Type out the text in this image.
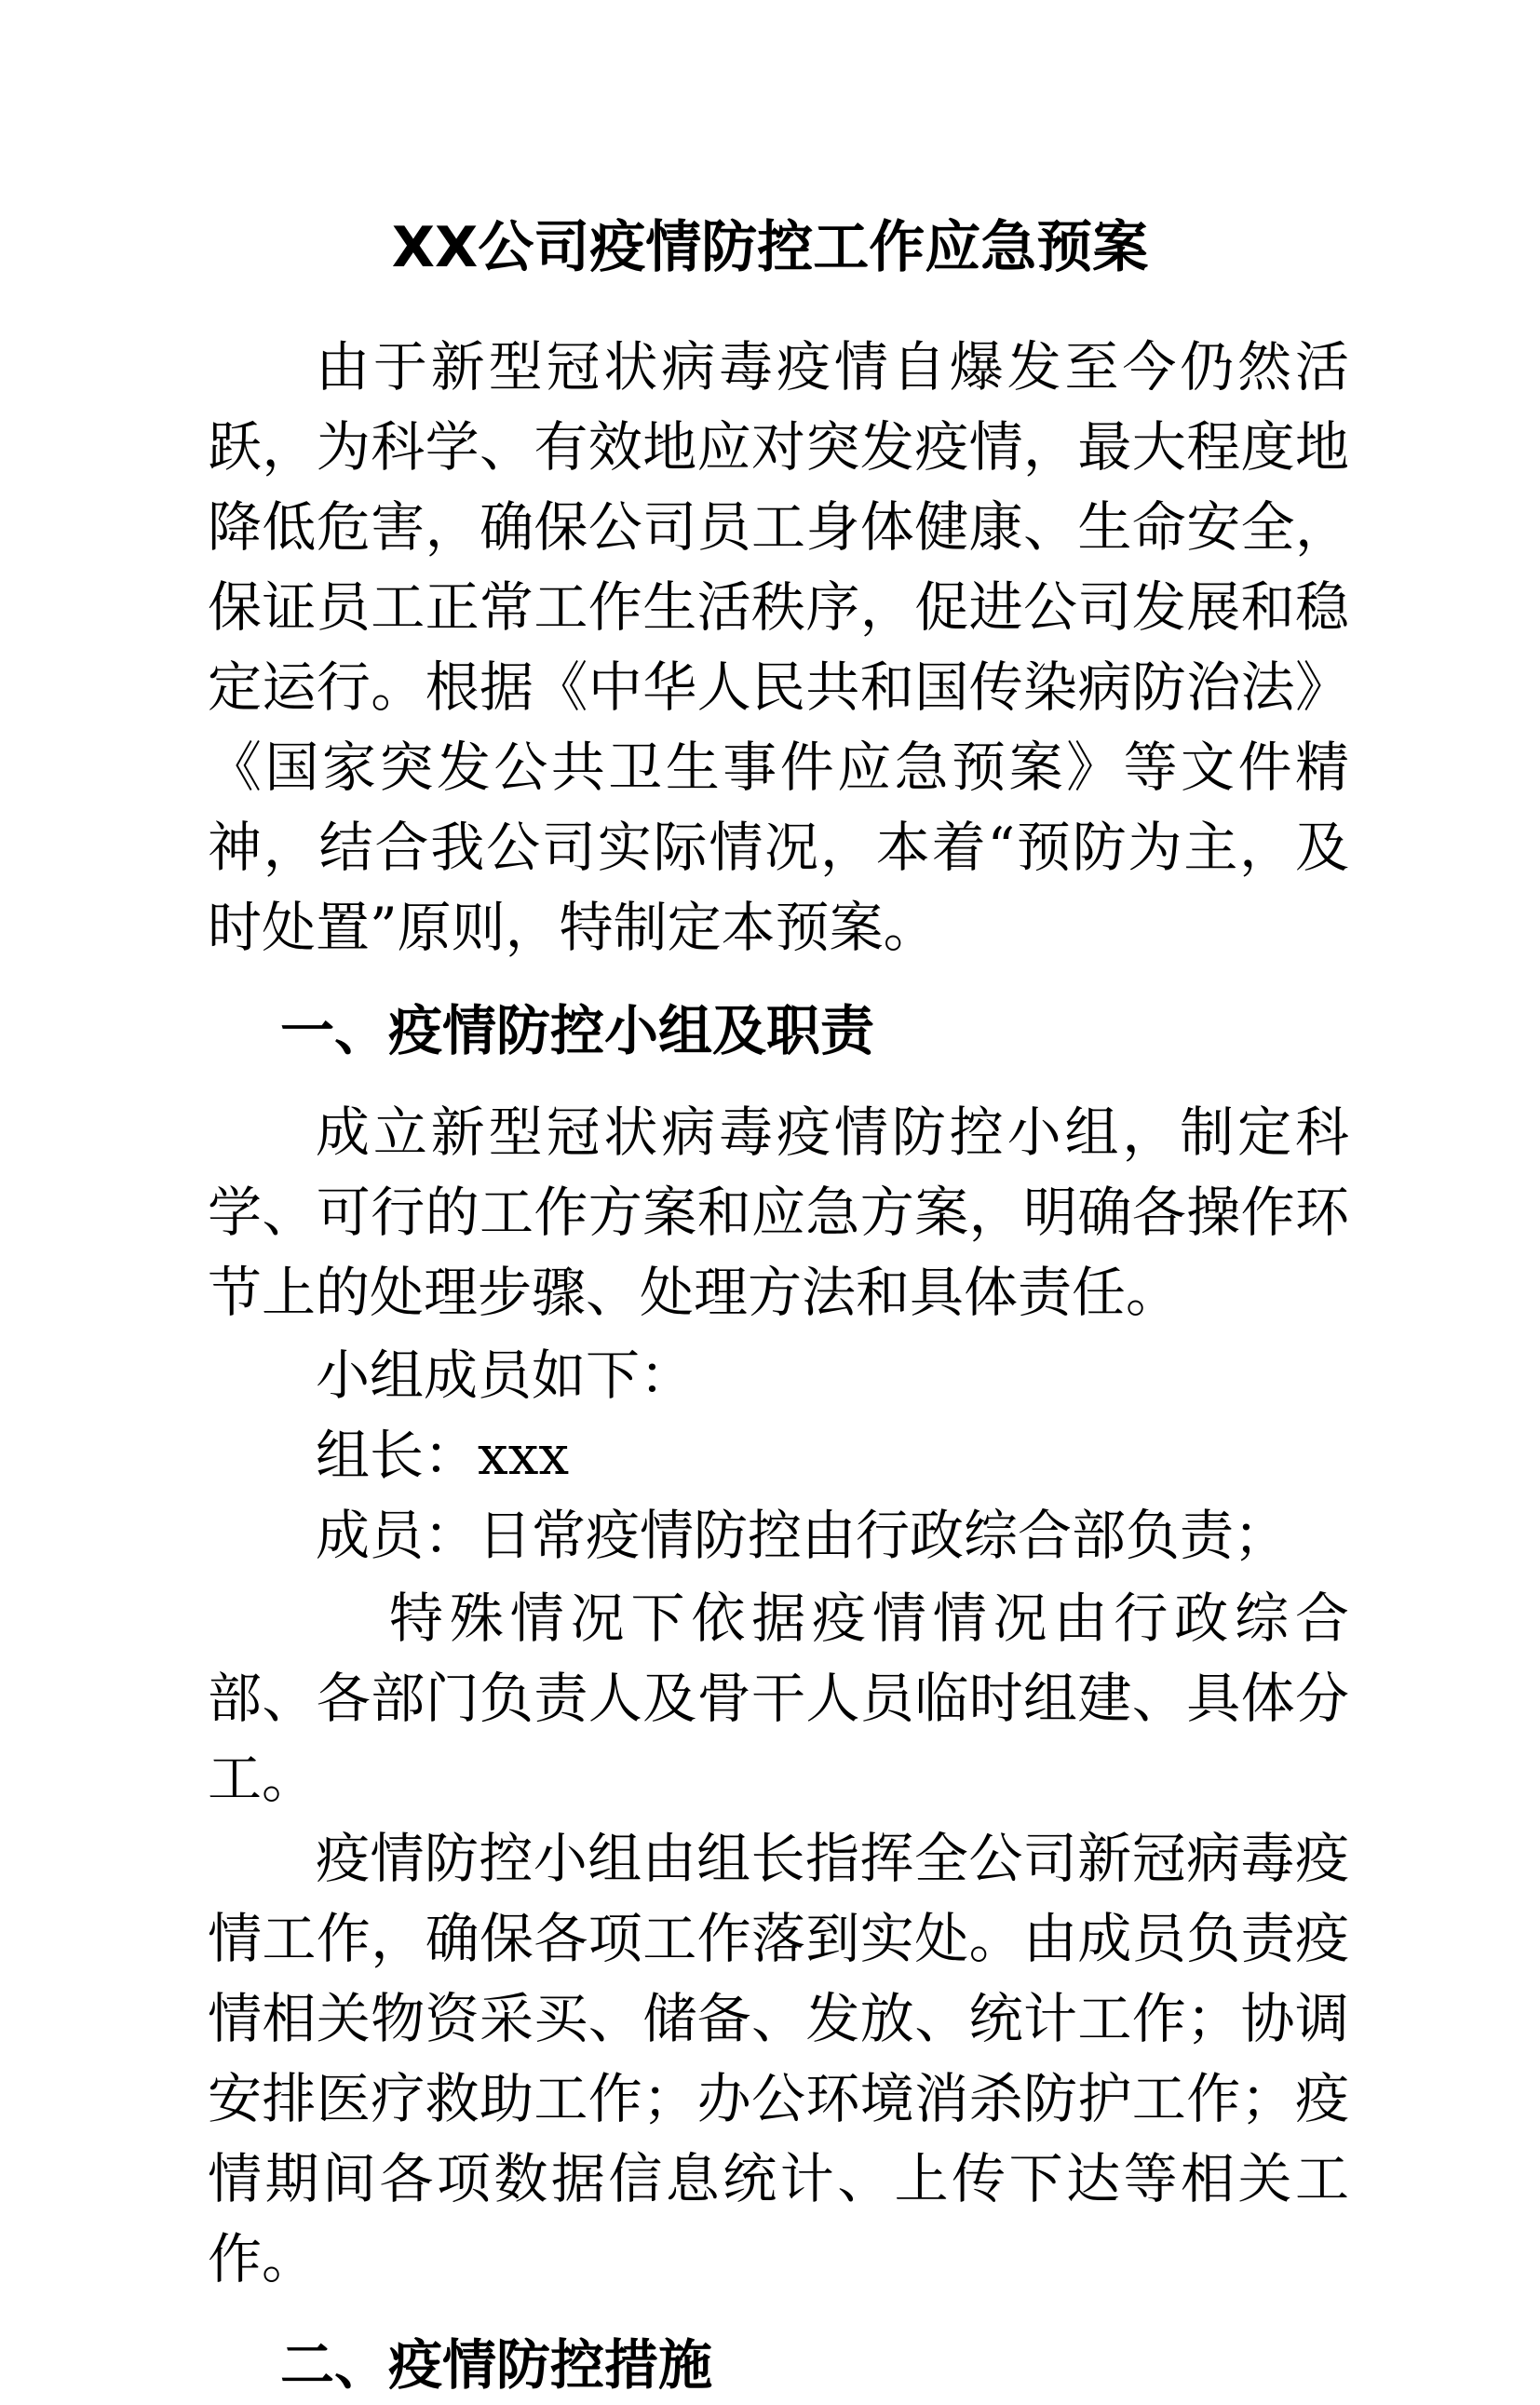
XX公司疫情防控工作应急预案

由于新型冠状病毒疫情自爆发至今仍然活跃，为科学、有效地应对突发疫情，最大程度地降低危害，确保公司员工身体健康、生命安全，保证员工正常工作生活秩序，促进公司发展和稳定运行。根据《中华人民共和国传染病防治法》《国家突发公共卫生事件应急预案》等文件精神，结合我公司实际情况，本着“预防为主，及时处置”原则，特制定本预案。

一、疫情防控小组及职责

成立新型冠状病毒疫情防控小组，制定科学、可行的工作方案和应急方案，明确各操作环节上的处理步骤、处理方法和具体责任。

小组成员如下：
组长：xxx
成员：日常疫情防控由行政综合部负责；

特殊情况下依据疫情情况由行政综合部、各部门负责人及骨干人员临时组建、具体分工。

疫情防控小组由组长指挥全公司新冠病毒疫情工作，确保各项工作落到实处。由成员负责疫情相关物资采买、储备、发放、统计工作；协调安排医疗救助工作；办公环境消杀防护工作；疫情期间各项数据信息统计、上传下达等相关工作。

二、疫情防控措施
